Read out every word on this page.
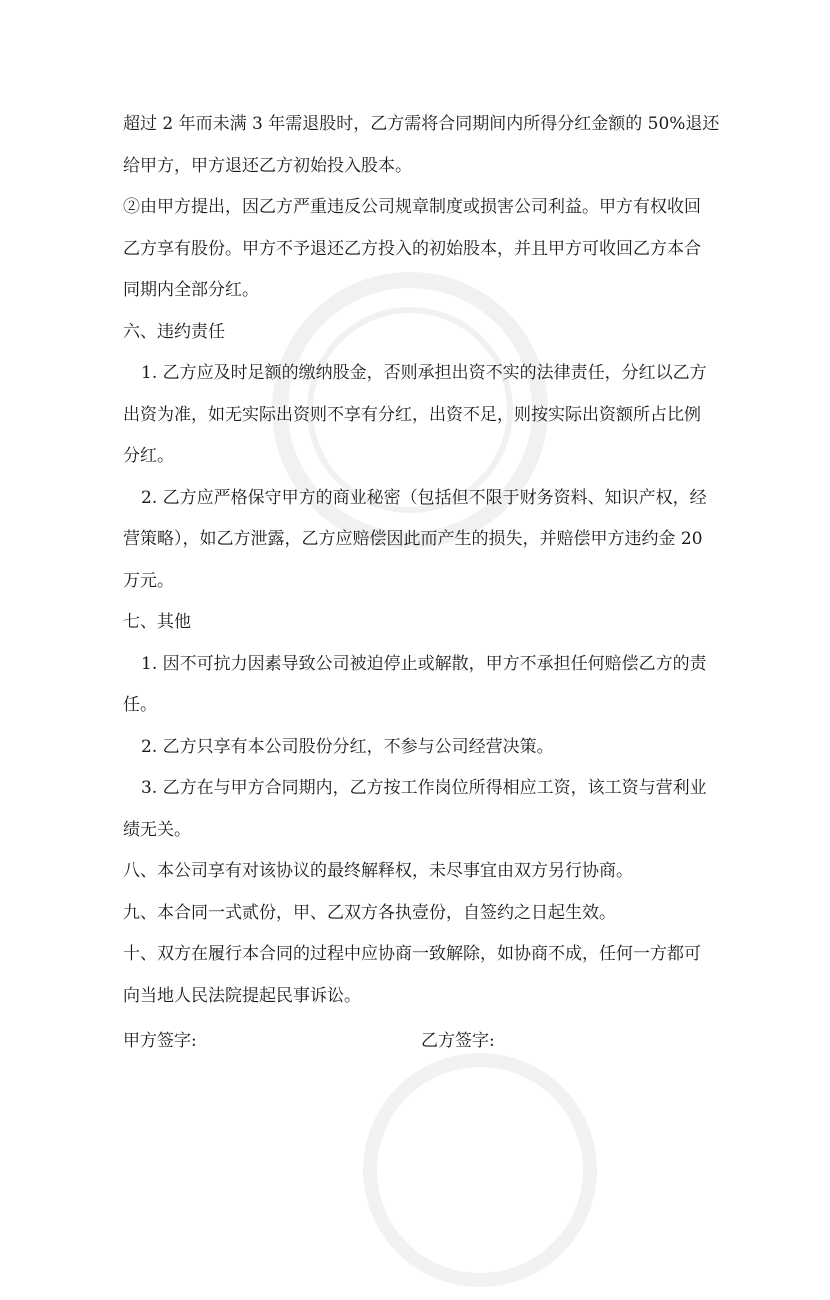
超过 2 年而未满 3 年需退股时，乙方需将合同期间内所得分红金额的 50%退还

给甲方，甲方退还乙方初始投入股本。

②由甲方提出，因乙方严重违反公司规章制度或损害公司利益。甲方有权收回

乙方享有股份。甲方不予退还乙方投入的初始股本，并且甲方可收回乙方本合

同期内全部分红。

六、违约责任

1. 乙方应及时足额的缴纳股金，否则承担出资不实的法律责任，分红以乙方

出资为准，如无实际出资则不享有分红，出资不足，则按实际出资额所占比例

分红。

2. 乙方应严格保守甲方的商业秘密（包括但不限于财务资料、知识产权，经

营策略），如乙方泄露，乙方应赔偿因此而产生的损失，并赔偿甲方违约金 20

万元。

七、其他

1. 因不可抗力因素导致公司被迫停止或解散，甲方不承担任何赔偿乙方的责

任。

2. 乙方只享有本公司股份分红，不参与公司经营决策。

3. 乙方在与甲方合同期内，乙方按工作岗位所得相应工资，该工资与营利业

绩无关。

八、本公司享有对该协议的最终解释权，未尽事宜由双方另行协商。

九、本合同一式贰份，甲、乙双方各执壹份，自签约之日起生效。

十、双方在履行本合同的过程中应协商一致解除，如协商不成，任何一方都可

向当地人民法院提起民事诉讼。

甲方签字:	乙方签字:
